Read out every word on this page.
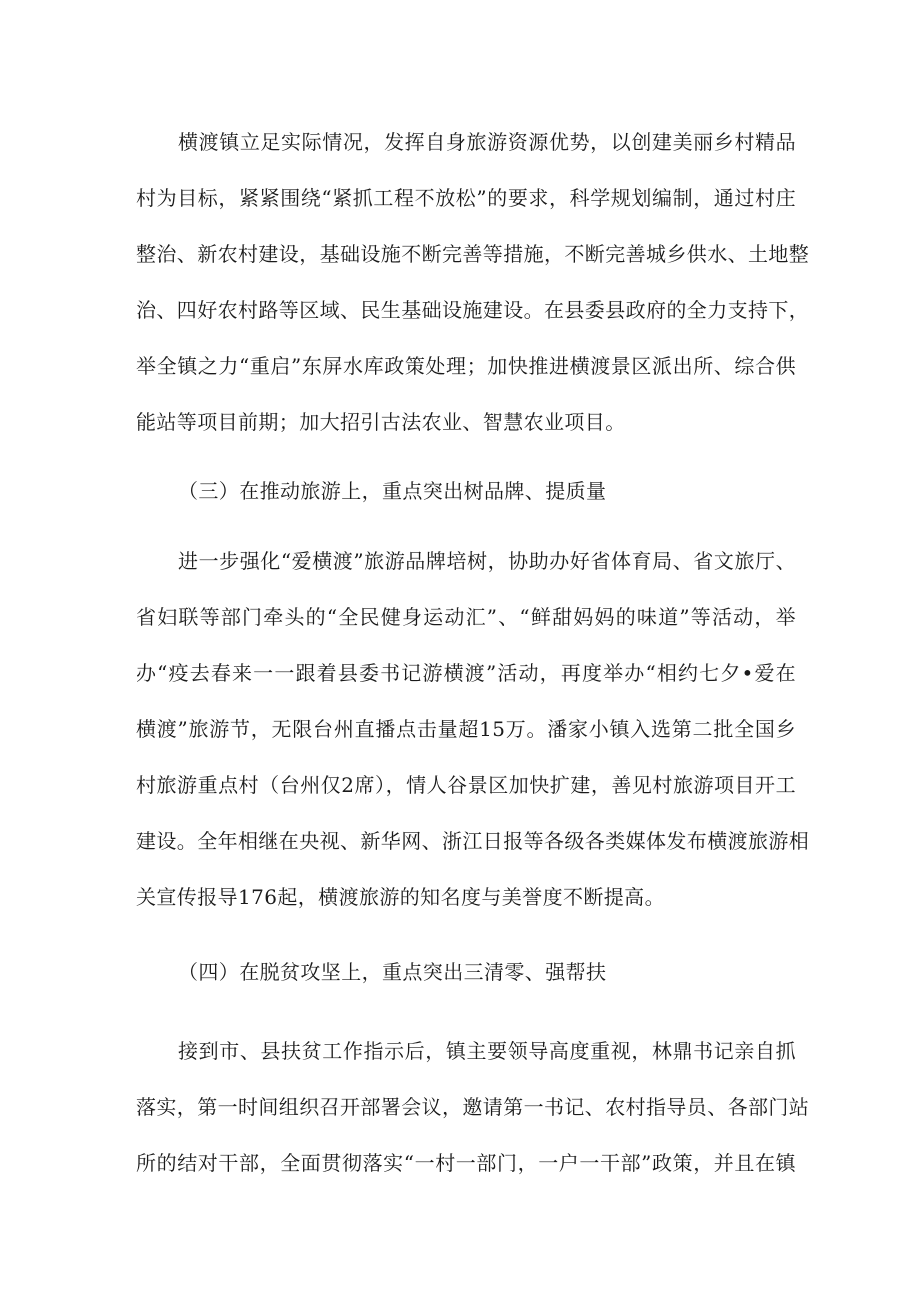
横渡镇立足实际情况，发挥自身旅游资源优势，以创建美丽乡村精品
村为目标，紧紧围绕“紧抓工程不放松”的要求，科学规划编制，通过村庄
整治、新农村建设，基础设施不断完善等措施，不断完善城乡供水、土地整
治、四好农村路等区域、民生基础设施建设。在县委县政府的全力支持下，
举全镇之力“重启”东屏水库政策处理；加快推进横渡景区派出所、综合供
能站等项目前期；加大招引古法农业、智慧农业项目。
（三）在推动旅游上，重点突出树品牌、提质量
进一步强化“爱横渡”旅游品牌培树，协助办好省体育局、省文旅厅、
省妇联等部门牵头的“全民健身运动汇”、“鲜甜妈妈的味道”等活动，举
办“疫去春来一一跟着县委书记游横渡”活动，再度举办“相约七夕•爱在
横渡”旅游节，无限台州直播点击量超15万。潘家小镇入选第二批全国乡
村旅游重点村（台州仅2席），情人谷景区加快扩建，善见村旅游项目开工
建设。全年相继在央视、新华网、浙江日报等各级各类媒体发布横渡旅游相
关宣传报导176起，横渡旅游的知名度与美誉度不断提高。
（四）在脱贫攻坚上，重点突出三清零、强帮扶
接到市、县扶贫工作指示后，镇主要领导高度重视，林鼎书记亲自抓
落实，第一时间组织召开部署会议，邀请第一书记、农村指导员、各部门站
所的结对干部，全面贯彻落实“一村一部门，一户一干部”政策，并且在镇
